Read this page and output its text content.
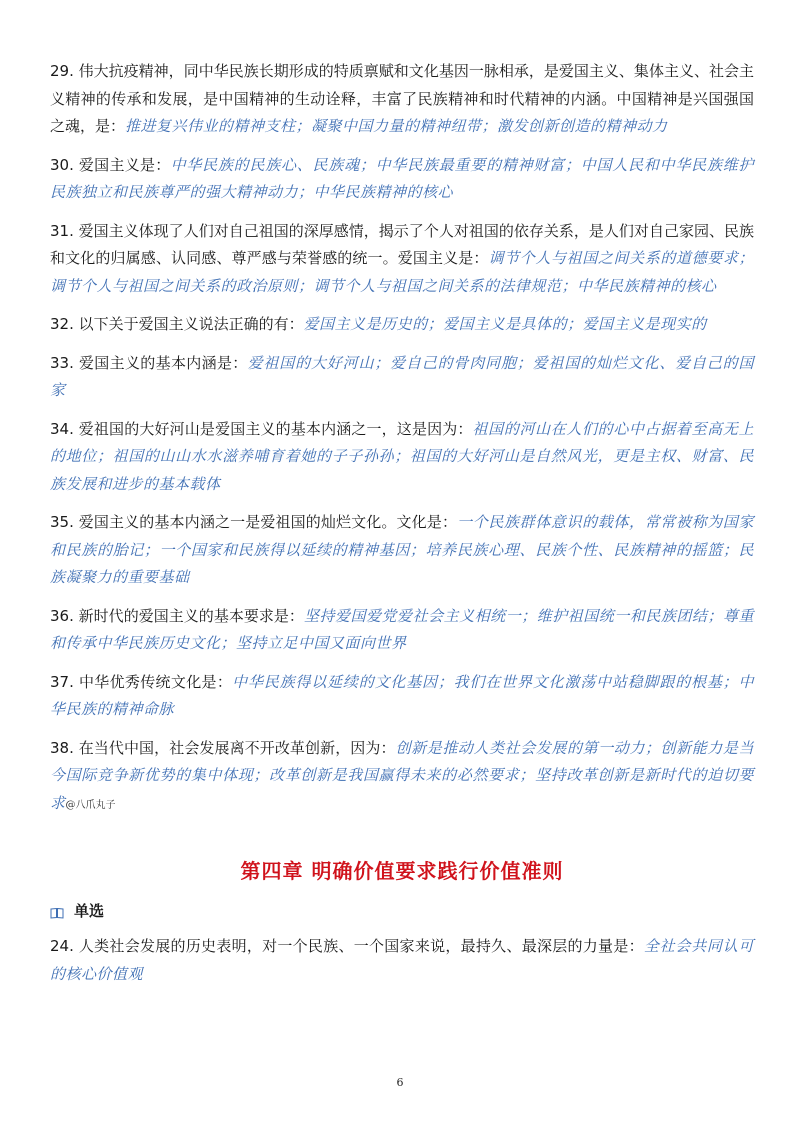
29. 伟大抗疫精神，同中华民族长期形成的特质禀赋和文化基因一脉相承，是爱国主义、集体主义、社会主义精神的传承和发展，是中国精神的生动诠释，丰富了民族精神和时代精神的内涵。中国精神是兴国强国之魂，是：推进复兴伟业的精神支柱；凝聚中国力量的精神纽带；激发创新创造的精神动力
30. 爱国主义是：中华民族的民族心、民族魂；中华民族最重要的精神财富；中国人民和中华民族维护民族独立和民族尊严的强大精神动力；中华民族精神的核心
31. 爱国主义体现了人们对自己祖国的深厚感情，揭示了个人对祖国的依存关系，是人们对自己家园、民族和文化的归属感、认同感、尊严感与荣誉感的统一。爱国主义是：调节个人与祖国之间关系的道德要求；调节个人与祖国之间关系的政治原则；调节个人与祖国之间关系的法律规范；中华民族精神的核心
32. 以下关于爱国主义说法正确的有：爱国主义是历史的；爱国主义是具体的；爱国主义是现实的
33. 爱国主义的基本内涵是：爱祖国的大好河山；爱自己的骨肉同胞；爱祖国的灿烂文化、爱自己的国家
34. 爱祖国的大好河山是爱国主义的基本内涵之一，这是因为：祖国的河山在人们的心中占据着至高无上的地位；祖国的山山水水滋养哺育着她的子子孙孙；祖国的大好河山是自然风光，更是主权、财富、民族发展和进步的基本载体
35. 爱国主义的基本内涵之一是爱祖国的灿烂文化。文化是：一个民族群体意识的载体，常常被称为国家和民族的胎记；一个国家和民族得以延续的精神基因；培养民族心理、民族个性、民族精神的摇篮；民族凝聚力的重要基础
36. 新时代的爱国主义的基本要求是：坚持爱国爱党爱社会主义相统一；维护祖国统一和民族团结；尊重和传承中华民族历史文化；坚持立足中国又面向世界
37. 中华优秀传统文化是：中华民族得以延续的文化基因；我们在世界文化激荡中站稳脚跟的根基；中华民族的精神命脉
38. 在当代中国，社会发展离不开改革创新，因为：创新是推动人类社会发展的第一动力；创新能力是当今国际竞争新优势的集中体现；改革创新是我国赢得未来的必然要求；坚持改革创新是新时代的迫切要求@八爪丸子
第四章 明确价值要求践行价值准则
单选
24. 人类社会发展的历史表明，对一个民族、一个国家来说，最持久、最深层的力量是：全社会共同认可的核心价值观
6
